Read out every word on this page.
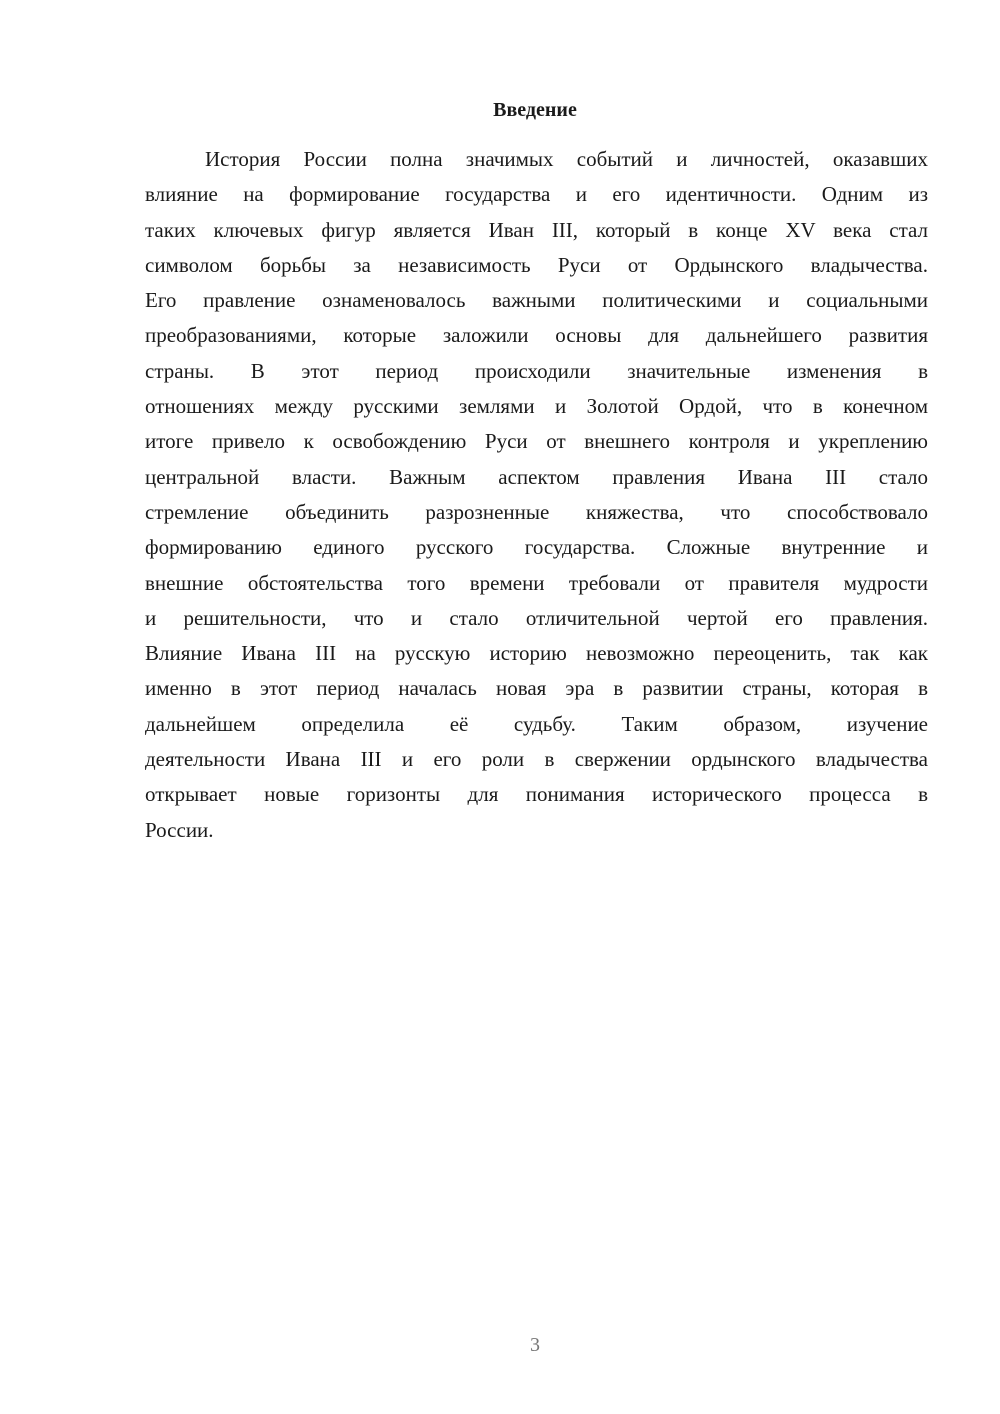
Введение
История России полна значимых событий и личностей, оказавших
влияние на формирование государства и его идентичности. Одним из
таких ключевых фигур является Иван III, который в конце XV века стал
символом борьбы за независимость Руси от Ордынского владычества.
Его правление ознаменовалось важными политическими и социальными
преобразованиями, которые заложили основы для дальнейшего развития
страны. В этот период происходили значительные изменения в
отношениях между русскими землями и Золотой Ордой, что в конечном
итоге привело к освобождению Руси от внешнего контроля и укреплению
центральной власти. Важным аспектом правления Ивана III стало
стремление объединить разрозненные княжества, что способствовало
формированию единого русского государства. Сложные внутренние и
внешние обстоятельства того времени требовали от правителя мудрости
и решительности, что и стало отличительной чертой его правления.
Влияние Ивана III на русскую историю невозможно переоценить, так как
именно в этот период началась новая эра в развитии страны, которая в
дальнейшем определила её судьбу. Таким образом, изучение
деятельности Ивана III и его роли в свержении ордынского владычества
открывает новые горизонты для понимания исторического процесса в
России.
3
